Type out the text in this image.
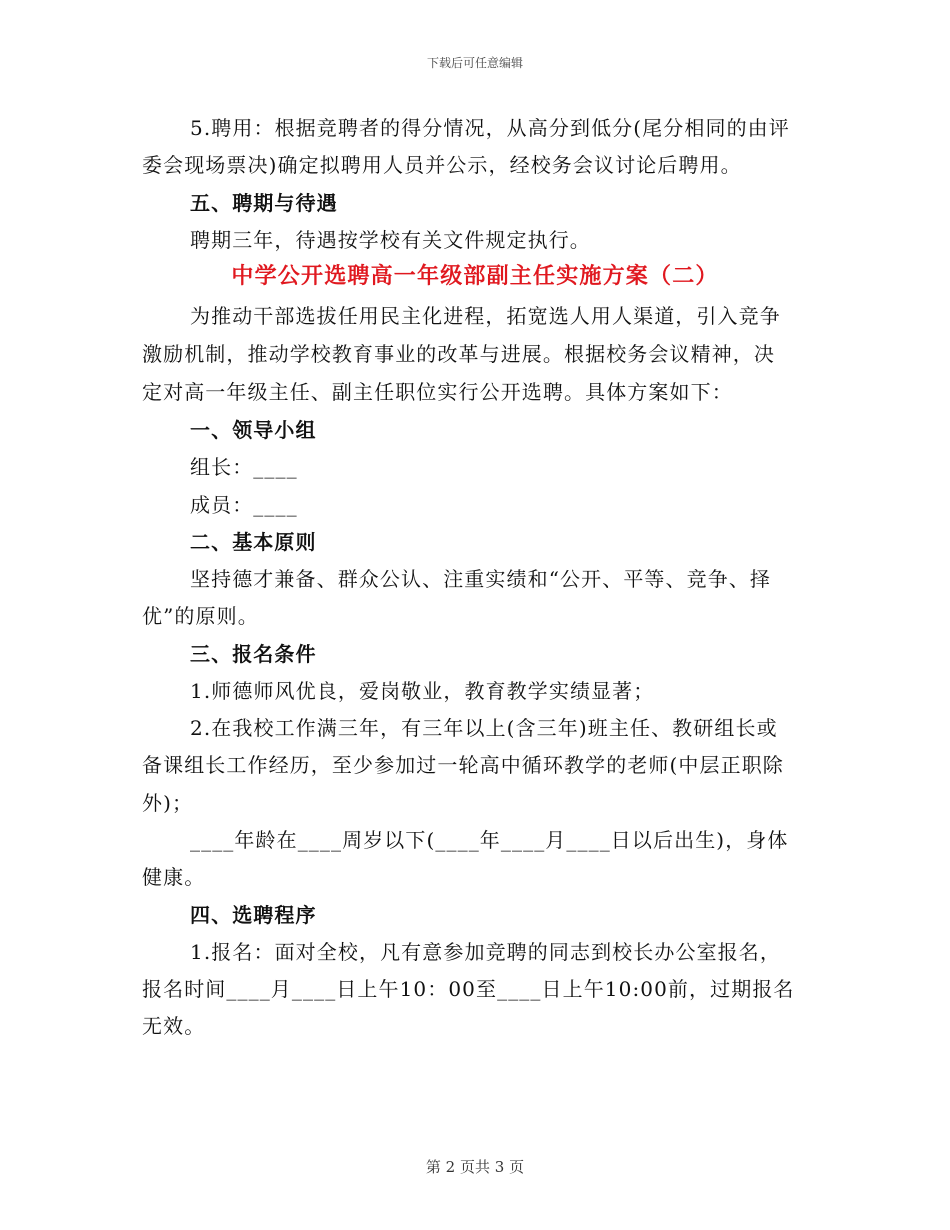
下载后可任意编辑
5.聘用：根据竞聘者的得分情况，从高分到低分(尾分相同的由评
委会现场票决)确定拟聘用人员并公示，经校务会议讨论后聘用。
五、聘期与待遇
聘期三年，待遇按学校有关文件规定执行。
中学公开选聘高一年级部副主任实施方案（二）
为推动干部选拔任用民主化进程，拓宽选人用人渠道，引入竞争
激励机制，推动学校教育事业的改革与进展。根据校务会议精神，决
定对高一年级主任、副主任职位实行公开选聘。具体方案如下：
一、领导小组
组长：____
成员：____
二、基本原则
坚持德才兼备、群众公认、注重实绩和“公开、平等、竞争、择
优”的原则。
三、报名条件
1.师德师风优良，爱岗敬业，教育教学实绩显著；
2.在我校工作满三年，有三年以上(含三年)班主任、教研组长或
备课组长工作经历，至少参加过一轮高中循环教学的老师(中层正职除
外)；
____年龄在____周岁以下(____年____月____日以后出生)，身体
健康。
四、选聘程序
1.报名：面对全校，凡有意参加竞聘的同志到校长办公室报名，
报名时间____月____日上午10：00至____日上午10:00前，过期报名
无效。
第 2 页共 3 页
